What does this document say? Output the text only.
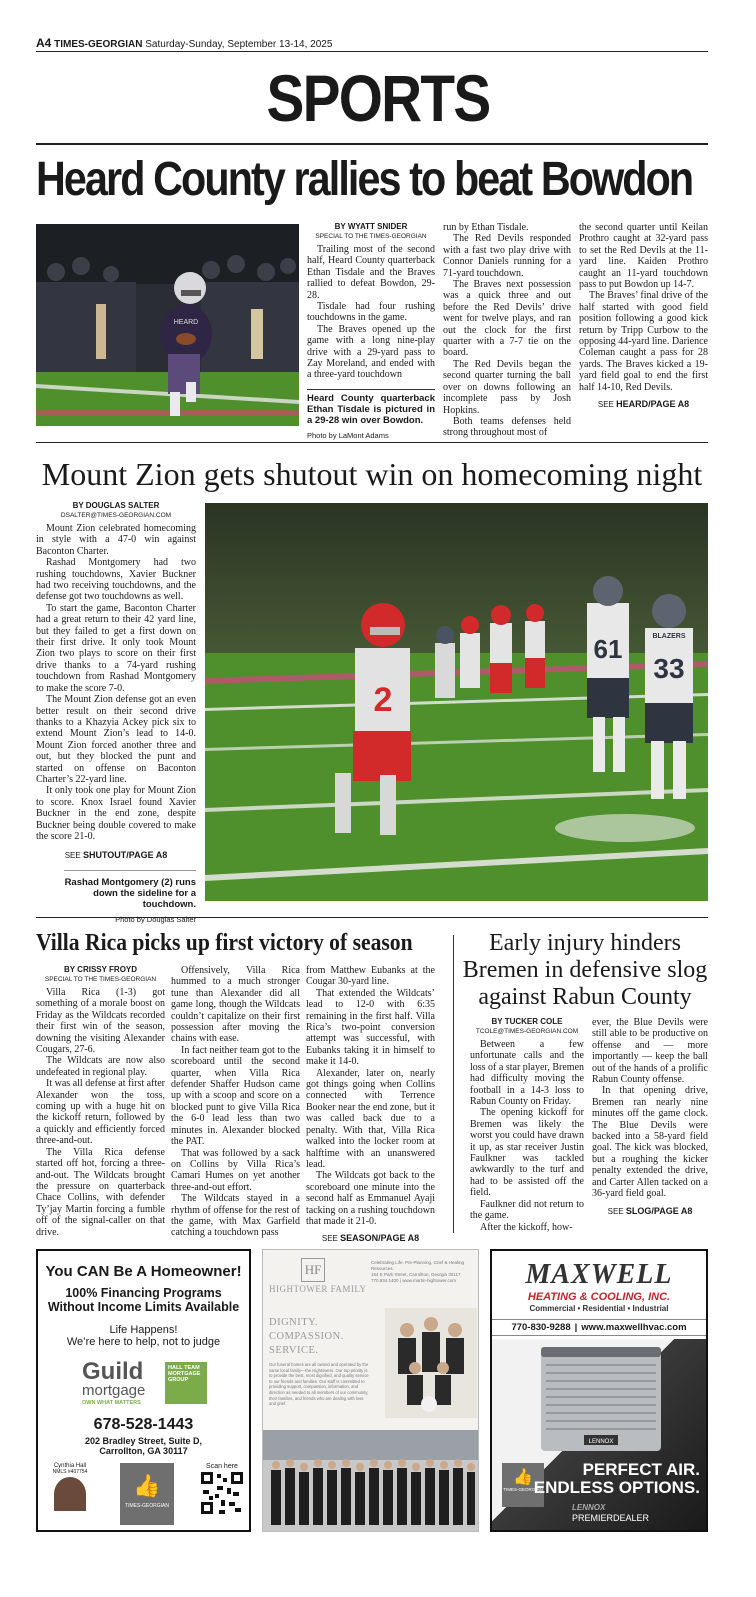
A4 TIMES-GEORGIAN Saturday-Sunday, September 13-14, 2025
SPORTS
Heard County rallies to beat Bowdon
HEARD
BY WYATT SNIDER
SPECIAL TO THE TIMES-GEORGIAN

Trailing most of the second half, Heard County quarterback Ethan Tisdale and the Braves rallied to defeat Bowdon, 29-28.

Tisdale had four rushing touchdowns in the game.

The Braves opened up the game with a long nine-play drive with a 29-yard pass to Zay Moreland, and ended with a three-yard touchdown

Heard County quarterback Ethan Tisdale is pictured in a 29-28 win over Bowdon.
Photo by LaMont Adams

run by Ethan Tisdale.

The Red Devils responded with a fast two play drive with Connor Daniels running for a 71-yard touchdown.

The Braves next possession was a quick three and out before the Red Devils’ drive went for twelve plays, and ran out the clock for the first quarter with a 7-7 tie on the board.

The Red Devils began the second quarter turning the ball over on downs following an incomplete pass by Josh Hopkins.

Both teams defenses held strong throughout most of

the second quarter until Keilan Prothro caught at 32-yard pass to set the Red Devils at the 11-yard line. Kaiden Prothro caught an 11-yard touchdown pass to put Bowdon up 14-7.

The Braves’ final drive of the half started with good field position following a good kick return by Tripp Curbow to the opposing 44-yard line. Darience Coleman caught a pass for 28 yards. The Braves kicked a 19-yard field goal to end the first half 14-10, Red Devils.

SEE HEARD/PAGE A8
Mount Zion gets shutout win on homecoming night
BY DOUGLAS SALTER
DSALTER@TIMES-GEORGIAN.COM

Mount Zion celebrated homecoming in style with a 47-0 win against Baconton Charter.

Rashad Montgomery had two rushing touchdowns, Xavier Buckner had two receiving touchdowns, and the defense got two touchdowns as well.

To start the game, Baconton Charter had a great return to their 42 yard line, but they failed to get a first down on their first drive. It only took Mount Zion two plays to score on their first drive thanks to a 74-yard rushing touchdown from Rashad Montgomery to make the score 7-0.

The Mount Zion defense got an even better result on their second drive thanks to a Khazyia Ackey pick six to extend Mount Zion’s lead to 14-0. Mount Zion forced another three and out, but they blocked the punt and started on offense on Baconton Charter’s 22-yard line.

It only took one play for Mount Zion to score. Knox Israel found Xavier Buckner in the end zone, despite Buckner being double covered to make the score 21-0.

SEE SHUTOUT/PAGE A8
Rashad Montgomery (2) runs down the sideline for a touchdown.
Photo by Douglas Salter
61	BLAZERS
33
2
Villa Rica picks up first victory of season
BY CRISSY FROYD
SPECIAL TO THE TIMES-GEORGIAN

Villa Rica (1-3) got something of a morale boost on Friday as the Wildcats recorded their first win of the season, downing the visiting Alexander Cougars, 27-6.

The Wildcats are now also undefeated in regional play.

It was all defense at first after Alexander won the toss, coming up with a huge hit on the kickoff return, followed by a quickly and efficiently forced three-and-out.

The Villa Rica defense started off hot, forcing a three-and-out. The Wildcats brought the pressure on quarterback Chace Collins, with defender Ty’jay Martin forcing a fumble off of the signal-caller on that drive.

Offensively, Villa Rica hummed to a much stronger tune than Alexander did all game long, though the Wildcats couldn’t capitalize on their first possession after moving the chains with ease.

In fact neither team got to the scoreboard until the second quarter, when Villa Rica defender Shaffer Hudson came up with a scoop and score on a blocked punt to give Villa Rica the 6-0 lead less than two minutes in. Alexander blocked the PAT.

That was followed by a sack on Collins by Villa Rica’s Camari Humes on yet another three-and-out effort.

The Wildcats stayed in a rhythm of offense for the rest of the game, with Max Garfield catching a touchdown pass

from Matthew Eubanks at the Cougar 30-yard line.

That extended the Wildcats’ lead to 12-0 with 6:35 remaining in the first half. Villa Rica’s two-point conversion attempt was successful, with Eubanks taking it in himself to make it 14-0.

Alexander, later on, nearly got things going when Collins connected with Terrence Booker near the end zone, but it was called back due to a penalty. With that, Villa Rica walked into the locker room at halftime with an unanswered lead.

The Wildcats got back to the scoreboard one minute into the second half as Emmanuel Ayaji tacking on a rushing touchdown that made it 21-0.

SEE SEASON/PAGE A8
Early injury hinders
Bremen in defensive slog
against Rabun County
BY TUCKER COLE
TCOLE@TIMES-GEORGIAN.COM

Between a few unfortunate calls and the loss of a star player, Bremen had difficulty moving the football in a 14-3 loss to Rabun County on Friday.

The opening kickoff for Bremen was likely the worst you could have drawn it up, as star receiver Justin Faulkner was tackled awkwardly to the turf and had to be assisted off the field.

Faulkner did not return to the game.

After the kickoff, how-

ever, the Blue Devils were still able to be productive on offense and — more importantly — keep the ball out of the hands of a prolific Rabun County offense.

In that opening drive, Bremen ran nearly nine minutes off the game clock. The Blue Devils were backed into a 58-yard field goal. The kick was blocked, but a roughing the kicker penalty extended the drive, and Carter Allen tacked on a 36-yard field goal.

SEE SLOG/PAGE A8
You CAN Be A Homeowner!
100% Financing Programs
Without Income Limits Available
Life Happens!
We’re here to help, not to judge
Guild
mortgage
OWN WHAT MATTERS
HALL TEAM MORTGAGE GROUP
678-528-1443
202 Bradley Street, Suite D,
Carrollton, GA 30117
Cynthia Hall
NMLS #407754
👍
TIMES-GEORGIAN
Scan here
HF
HIGHTOWER FAMILY
Celebrating Life. Pre-Planning, Grief & Healing Resources.
154 E Park Street, Carrollton, Georgia 30117
770.834.1400 | www.martin-hightower.com
DIGNITY.
COMPASSION.
SERVICE.
Our funeral homes are all owned and operated by the same local family—the Hightowers. Our top priority is to provide the best, most dignified, and quality service to our friends and families. Our staff is committed to providing support, compassion, information, and direction as needed to all members of our community, their families, and friends who are dealing with loss and grief.
MAXWELL
HEATING & COOLING, INC.
Commercial • Residential • Industrial
770-830-9288 | www.maxwellhvac.com
LENNOX
👍
TIMES-GEORGIAN
PERFECT AIR.
ENDLESS OPTIONS.
LENNOX
PREMIERDEALER
